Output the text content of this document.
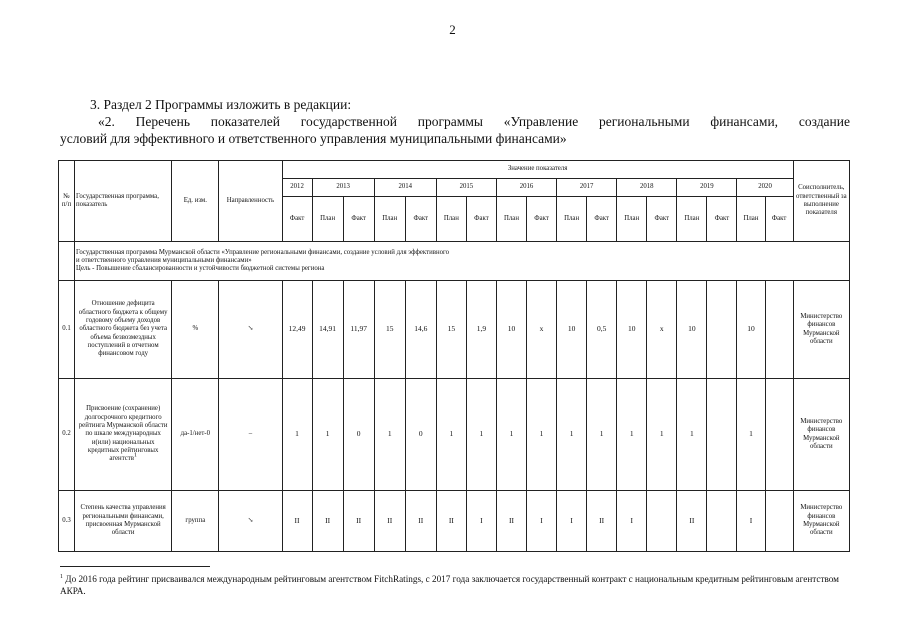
2
3. Раздел 2 Программы изложить в редакции:
«2. Перечень показателей государственной программы «Управление региональными финансами, создание
условий для эффективного и ответственного управления муниципальными финансами»
№ п/п	Государственная программа, показатель	Ед. изм.	Направленность	Значение показателя																	Соисполнитель, ответственный за выполнение показателя
				2012	2013		2014		2015		2016		2017		2018		2019		2020		
				Факт	План	Факт	План	Факт	План	Факт	План	Факт	План	Факт	План	Факт	План	Факт	План	Факт	

	Государственная программа Мурманской области «Управление региональными финансами, создание условий для эффективного
и ответственного управления муниципальными финансами»
Цель - Повышение сбалансированности и устойчивости бюджетной системы региона																				

0.1	Отношение дефицита областного бюджета к общему годовому объему доходов областного бюджета без учета объема безвозмездных поступлений в отчетном финансовом году	%	↘	12,49	14,91	11,97	15	14,6	15	1,9	10	x	10	0,5	10	x	10		10		Министерство финансов Мурманской области
0.2	Присвоение (сохранение) долгосрочного кредитного рейтинга Мурманской области по шкале международных и(или) национальных кредитных рейтинговых агентств$^1$	да-1/нет-0	‒	1	1	0	1	0	1	1	1	1	1	1	1	1	1		1		Министерство финансов Мурманской области
0.3	Степень качества управления региональными финансами, присвоенная Мурманской области	группа	↘	II	II	II	II	II	II	I	II	I	I	II	I		II		I		Министерство финансов Мурманской области
$^1$ До 2016 года рейтинг присваивался международным рейтинговым агентством FitchRatings, с 2017 года заключается государственный контракт с национальным кредитным рейтинговым агентством АКРА.
